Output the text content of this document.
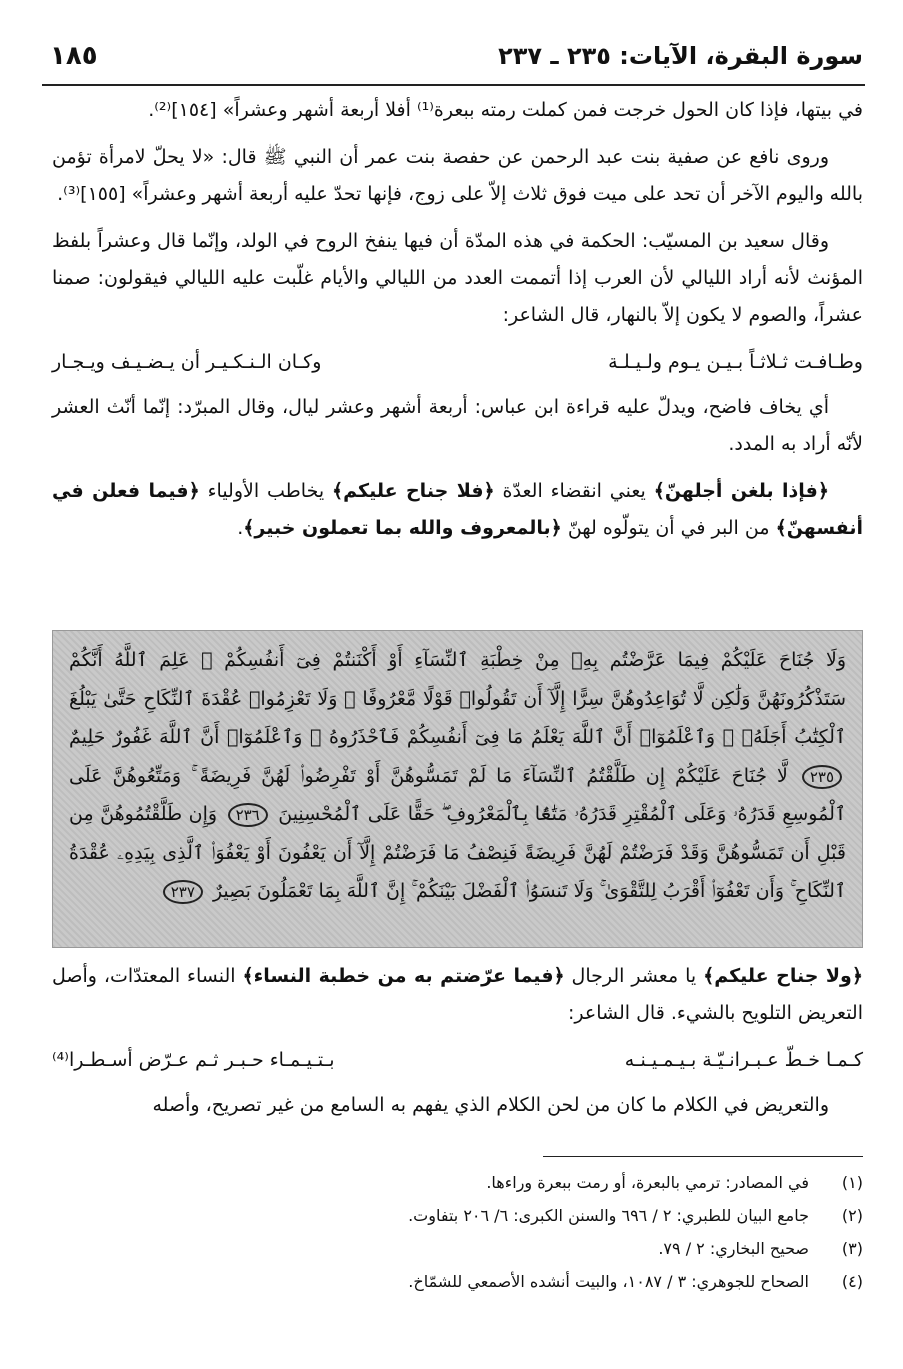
سورة البقرة، الآيات: ٢٣٥ ـ ٢٣٧
١٨٥

في بيتها، فإذا كان الحول خرجت فمن كملت رمته ببعرة⁽¹⁾ أفلا أربعة أشهر وعشراً» [١٥٤]⁽²⁾.

وروى نافع عن صفية بنت عبد الرحمن عن حفصة بنت عمر أن النبي ﷺ قال: «لا يحلّ لامرأة تؤمن بالله واليوم الآخر أن تحد على ميت فوق ثلاث إلاّ على زوج، فإنها تحدّ عليه أربعة أشهر وعشراً» [١٥٥]⁽³⁾.

وقال سعيد بن المسيّب: الحكمة في هذه المدّة أن فيها ينفخ الروح في الولد، وإنّما قال وعشراً بلفظ المؤنث لأنه أراد الليالي لأن العرب إذا أتممت العدد من الليالي والأيام غلّبت عليه الليالي فيقولون: صمنا عشراً، والصوم لا يكون إلاّ بالنهار، قال الشاعر:

وطـافـت ثـلاثـاً بـيـن يـوم ولـيـلـة
وكـان الـنـكـيـر أن يـضـيـف ويـجـار

أي يخاف فاضح، ويدلّ عليه قراءة ابن عباس: أربعة أشهر وعشر ليال، وقال المبرّد: إنّما أنّث العشر لأنّه أراد به المدد.

﴿فإذا بلغن أجلهنّ﴾ يعني انقضاء العدّة ﴿فلا جناح عليكم﴾ يخاطب الأولياء ﴿فيما فعلن في أنفسهنّ﴾ من البر في أن يتولّوه لهنّ ﴿بالمعروف والله بما تعملون خبير﴾.

وَلَا جُنَاحَ عَلَيْكُمْ فِيمَا عَرَّضْتُم بِهِۦ مِنْ خِطْبَةِ ٱلنِّسَآءِ أَوْ أَكْنَنتُمْ فِىٓ أَنفُسِكُمْ ۚ عَلِمَ ٱللَّهُ أَنَّكُمْ سَتَذْكُرُونَهُنَّ وَلَٰكِن لَّا تُوَاعِدُوهُنَّ سِرًّا إِلَّآ أَن تَقُولُوا۟ قَوْلًا مَّعْرُوفًا ۚ وَلَا تَعْزِمُوا۟ عُقْدَةَ ٱلنِّكَاحِ حَتَّىٰ يَبْلُغَ ٱلْكِتَٰبُ أَجَلَهُۥ ۚ وَٱعْلَمُوٓا۟ أَنَّ ٱللَّهَ يَعْلَمُ مَا فِىٓ أَنفُسِكُمْ فَٱحْذَرُوهُ ۚ وَٱعْلَمُوٓا۟ أَنَّ ٱللَّهَ غَفُورٌ حَلِيمٌ ٢٣٥ لَّا جُنَاحَ عَلَيْكُمْ إِن طَلَّقْتُمُ ٱلنِّسَآءَ مَا لَمْ تَمَسُّوهُنَّ أَوْ تَفْرِضُوا۟ لَهُنَّ فَرِيضَةً ۚ وَمَتِّعُوهُنَّ عَلَى ٱلْمُوسِعِ قَدَرُهُۥ وَعَلَى ٱلْمُقْتِرِ قَدَرُهُۥ مَتَٰعًۢا بِٱلْمَعْرُوفِ ۖ حَقًّا عَلَى ٱلْمُحْسِنِينَ ٢٣٦ وَإِن طَلَّقْتُمُوهُنَّ مِن قَبْلِ أَن تَمَسُّوهُنَّ وَقَدْ فَرَضْتُمْ لَهُنَّ فَرِيضَةً فَنِصْفُ مَا فَرَضْتُمْ إِلَّآ أَن يَعْفُونَ أَوْ يَعْفُوَا۟ ٱلَّذِى بِيَدِهِۦ عُقْدَةُ ٱلنِّكَاحِ ۚ وَأَن تَعْفُوٓا۟ أَقْرَبُ لِلتَّقْوَىٰ ۚ وَلَا تَنسَوُا۟ ٱلْفَضْلَ بَيْنَكُمْ ۚ إِنَّ ٱللَّهَ بِمَا تَعْمَلُونَ بَصِيرٌ ٢٣٧

﴿ولا جناح عليكم﴾ يا معشر الرجال ﴿فيما عرّضتم به من خطبة النساء﴾ النساء المعتدّات، وأصل التعريض التلويح بالشيء. قال الشاعر:

كـمـا خـطّ عـبـرانـيّـة بـيـمـيـنـه
بـتـيـمـاء حـبـر ثـم عـرّض أسـطـرا⁽⁴⁾

والتعريض في الكلام ما كان من لحن الكلام الذي يفهم به السامع من غير تصريح، وأصله

(١)
في المصادر: ترمي بالبعرة، أو رمت ببعرة وراءها.
(٢)
جامع البيان للطبري: ٢ / ٦٩٦ والسنن الكبرى: ٦/ ٢٠٦ بتفاوت.
(٣)
صحيح البخاري: ٢ / ٧٩.
(٤)
الصحاح للجوهري: ٣ / ١٠٨٧، والبيت أنشده الأصمعي للشمّاخ.
